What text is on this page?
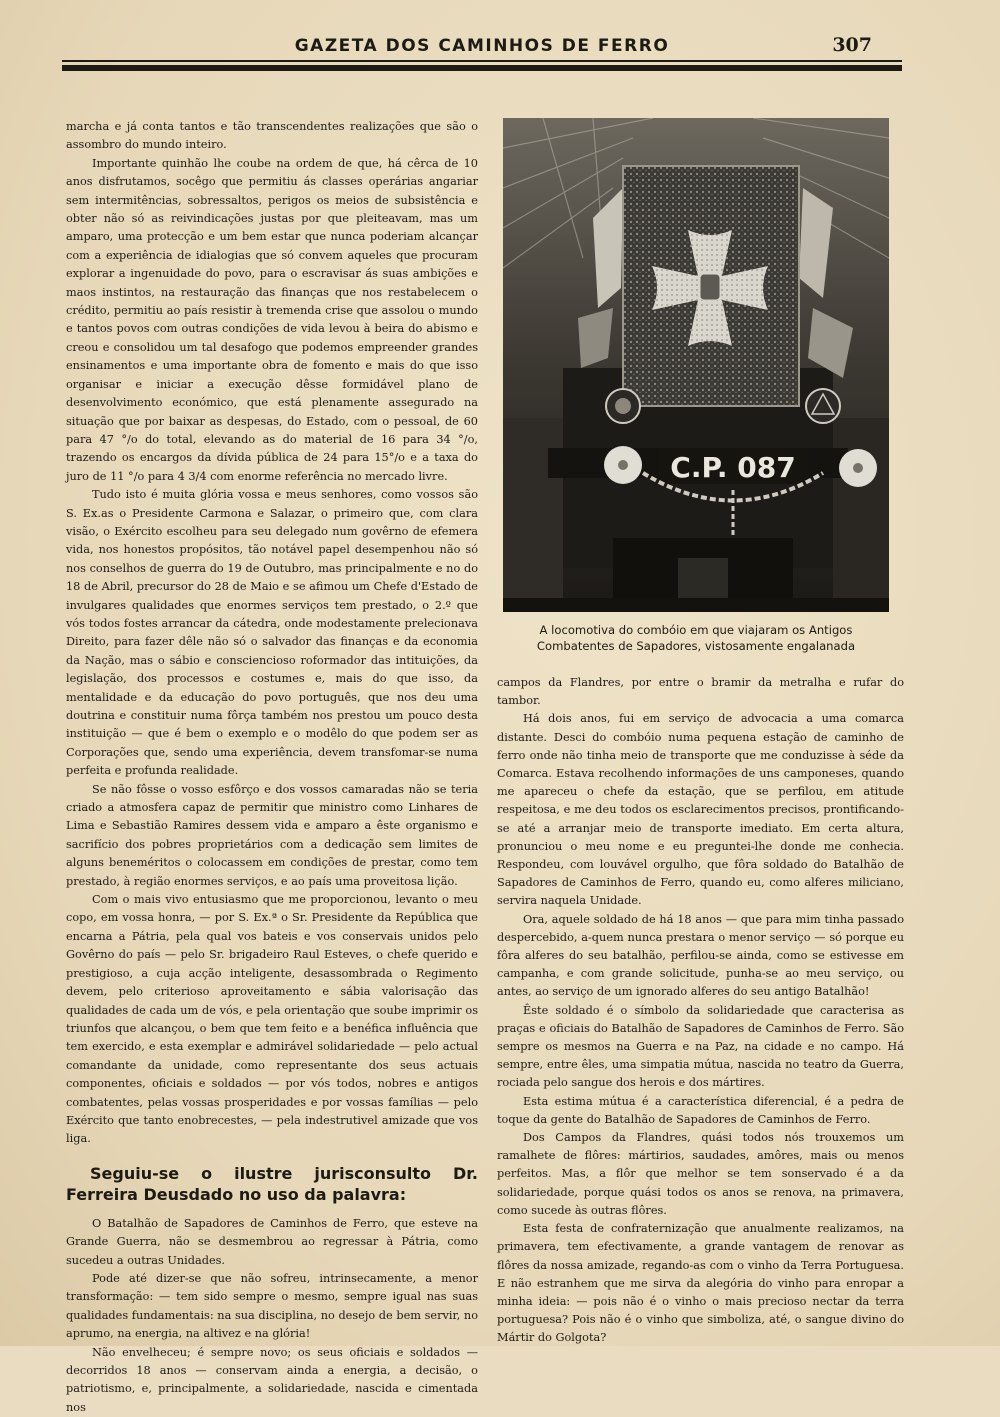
GAZETA DOS CAMINHOS DE FERRO	307

marcha e já conta tantos e tão transcendentes realizações que são o assombro do mundo inteiro.

Importante quinhão lhe coube na ordem de que, há cêrca de 10 anos disfrutamos, socêgo que permitiu ás classes operárias angariar sem intermitências, sobressaltos, perigos os meios de subsistência e obter não só as reivindicações justas por que pleiteavam, mas um amparo, uma protecção e um bem estar que nunca poderiam alcançar com a experiência de idialogias que só convem aqueles que procuram explorar a ingenuidade do povo, para o escravisar ás suas ambições e maos instintos, na restauração das finanças que nos restabelecem o crédito, permitiu ao país resistir à tremenda crise que assolou o mundo e tantos povos com outras condições de vida levou à beira do abismo e creou e consolidou um tal desafogo que podemos empreender grandes ensinamentos e uma importante obra de fomento e mais do que isso organisar e iniciar a execução dêsse formidável plano de desenvolvimento económico, que está plenamente assegurado na situação que por baixar as despesas, do Estado, com o pessoal, de 60 para 47 °/o do total, elevando as do material de 16 para 34 °/o, trazendo os encargos da dívida pública de 24 para 15°/o e a taxa do juro de 11 °/o para 4 3/4 com enorme referência no mercado livre.

Tudo isto é muita glória vossa e meus senhores, como vossos são S. Ex.as o Presidente Carmona e Salazar, o primeiro que, com clara visão, o Exército escolheu para seu delegado num govêrno de efemera vida, nos honestos propósitos, tão notável papel desempenhou não só nos conselhos de guerra do 19 de Outubro, mas principalmente e no do 18 de Abril, precursor do 28 de Maio e se afimou um Chefe d'Estado de invulgares qualidades que enormes serviços tem prestado, o 2.º que vós todos fostes arrancar da cátedra, onde modestamente prelecionava Direito, para fazer dêle não só o salvador das finanças e da economia da Nação, mas o sábio e consciencioso roformador das intituições, da legislação, dos processos e costumes e, mais do que isso, da mentalidade e da educação do povo português, que nos deu uma doutrina e constituir numa fôrça também nos prestou um pouco desta instituição — que é bem o exemplo e o modêlo do que podem ser as Corporações que, sendo uma experiência, devem transfomar-se numa perfeita e profunda realidade.

Se não fôsse o vosso esfôrço e dos vossos camaradas não se teria criado a atmosfera capaz de permitir que ministro como Linhares de Lima e Sebastião Ramires dessem vida e amparo a êste organismo e sacrifício dos pobres proprietários com a dedicação sem limites de alguns beneméritos o colocassem em condições de prestar, como tem prestado, à região enormes serviços, e ao país uma proveitosa lição.

Com o mais vivo entusiasmo que me proporcionou, levanto o meu copo, em vossa honra, — por S. Ex.ª o Sr. Presidente da República que encarna a Pátria, pela qual vos bateis e vos conservais unidos pelo Govêrno do país — pelo Sr. brigadeiro Raul Esteves, o chefe querido e prestigioso, a cuja acção inteligente, desassombrada o Regimento devem, pelo criterioso aproveitamento e sábia valorisação das qualidades de cada um de vós, e pela orientação que soube imprimir os triunfos que alcançou, o bem que tem feito e a benéfica influência que tem exercido, e esta exemplar e admirável solidariedade — pelo actual comandante da unidade, como representante dos seus actuais componentes, oficiais e soldados — por vós todos, nobres e antigos combatentes, pelas vossas prosperidades e por vossas famílias — pelo Exército que tanto enobrecestes, — pela indestrutivel amizade que vos liga.

Seguiu-se o ilustre jurisconsulto Dr. Ferreira Deusdado no uso da palavra:

O Batalhão de Sapadores de Caminhos de Ferro, que esteve na Grande Guerra, não se desmembrou ao regressar à Pátria, como sucedeu a outras Unidades.

Pode até dizer-se que não sofreu, intrinsecamente, a menor transformação: — tem sido sempre o mesmo, sempre igual nas suas qualidades fundamentais: na sua disciplina, no desejo de bem servir, no aprumo, na energia, na altivez e na glória!

Não envelheceu; é sempre novo; os seus oficiais e soldados — decorridos 18 anos — conservam ainda a energia, a decisão, o patriotismo, e, principalmente, a solidariedade, nascida e cimentada nos

C.P. 087
A locomotiva do combóio em que viajaram os Antigos Combatentes de Sapadores, vistosamente engalanada

campos da Flandres, por entre o bramir da metralha e rufar do tambor.

Há dois anos, fui em serviço de advocacia a uma comarca distante. Desci do combóio numa pequena estação de caminho de ferro onde não tinha meio de transporte que me conduzisse à séde da Comarca. Estava recolhendo informações de uns camponeses, quando me apareceu o chefe da estação, que se perfilou, em atitude respeitosa, e me deu todos os esclarecimentos precisos, prontificando-se até a arranjar meio de transporte imediato. Em certa altura, pronunciou o meu nome e eu preguntei-lhe donde me conhecia. Respondeu, com louvável orgulho, que fôra soldado do Batalhão de Sapadores de Caminhos de Ferro, quando eu, como alferes miliciano, servira naquela Unidade.

Ora, aquele soldado de há 18 anos — que para mim tinha passado despercebido, a-quem nunca prestara o menor serviço — só porque eu fôra alferes do seu batalhão, perfilou-se ainda, como se estivesse em campanha, e com grande solicitude, punha-se ao meu serviço, ou antes, ao serviço de um ignorado alferes do seu antigo Batalhão!

Êste soldado é o símbolo da solidariedade que caracterisa as praças e oficiais do Batalhão de Sapadores de Caminhos de Ferro. São sempre os mesmos na Guerra e na Paz, na cidade e no campo. Há sempre, entre êles, uma simpatia mútua, nascida no teatro da Guerra, rociada pelo sangue dos herois e dos mártires.

Esta estima mútua é a característica diferencial, é a pedra de toque da gente do Batalhão de Sapadores de Caminhos de Ferro.

Dos Campos da Flandres, quási todos nós trouxemos um ramalhete de flôres: mártirios, saudades, amôres, mais ou menos perfeitos. Mas, a flôr que melhor se tem sonservado é a da solidariedade, porque quási todos os anos se renova, na primavera, como sucede às outras flôres.

Esta festa de confraternização que anualmente realizamos, na primavera, tem efectivamente, a grande vantagem de renovar as flôres da nossa amizade, regando-as com o vinho da Terra Portuguesa. E não estranhem que me sirva da alegória do vinho para enropar a minha ideia: — pois não é o vinho o mais precioso nectar da terra portuguesa? Pois não é o vinho que simboliza, até, o sangue divino do Mártir do Golgota?
